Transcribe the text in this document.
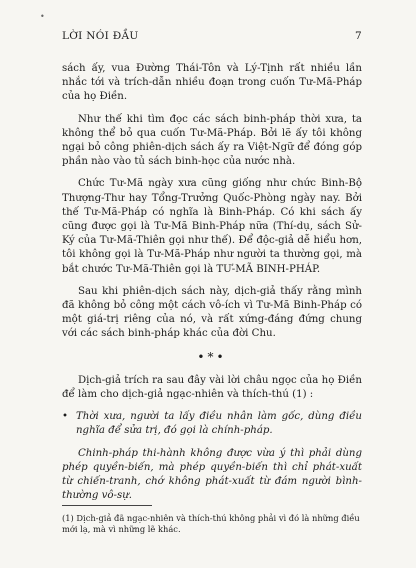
•
LỜI NÓI ĐẦU	7

sách ấy, vua Đường Thái-Tôn và Lý-Tịnh rất nhiều lần nhắc tới và trích-dẫn nhiều đoạn trong cuốn Tư-Mã-Pháp của họ Điền.

Như thế khi tìm đọc các sách binh-pháp thời xưa, ta không thể bỏ qua cuốn Tư-Mã-Pháp. Bởi lẽ ấy tôi không ngại bỏ công phiên-dịch sách ấy ra Việt-Ngữ để đóng góp phần nào vào tủ sách binh-học của nước nhà.

Chức Tư-Mã ngày xưa cũng giống như chức Binh-Bộ Thượng-Thư hay Tổng-Trưởng Quốc-Phòng ngày nay. Bởi thế Tư-Mã-Pháp có nghĩa là Binh-Pháp. Có khi sách ấy cũng được gọi là Tư-Mã Binh-Pháp nữa (Thí-dụ, sách Sử-Ký của Tư-Mã-Thiên gọi như thế). Để độc-giả dễ hiểu hơn, tôi không gọi là Tư-Mã-Pháp như người ta thường gọi, mà bắt chước Tư-Mã-Thiên gọi là TƯ-MÃ BINH-PHÁP.

Sau khi phiên-dịch sách này, dịch-giả thấy rằng mình đã không bỏ công một cách vô-ích vì Tư-Mã Binh-Pháp có một giá-trị riêng của nó, và rất xứng-đáng đứng chung với các sách binh-pháp khác của đời Chu.

•*•

Dịch-giả trích ra sau đây vài lời châu ngọc của họ Điền để làm cho dịch-giả ngạc-nhiên và thích-thú (1) :

• Thời xưa, người ta lấy điều nhân làm gốc, dùng điều nghĩa để sửa trị, đó gọi là chính-pháp.

Chinh-pháp thi-hành không được vừa ý thì phải dùng phép quyền-biến, mà phép quyền-biến thì chỉ phát-xuất từ chiến-tranh, chớ không phát-xuất từ đám người bình-thường vô-sự.

(1) Dịch-giả đã ngạc-nhiên và thích-thú không phải vì đó là những điều mới lạ, mà vì những lẽ khác.
